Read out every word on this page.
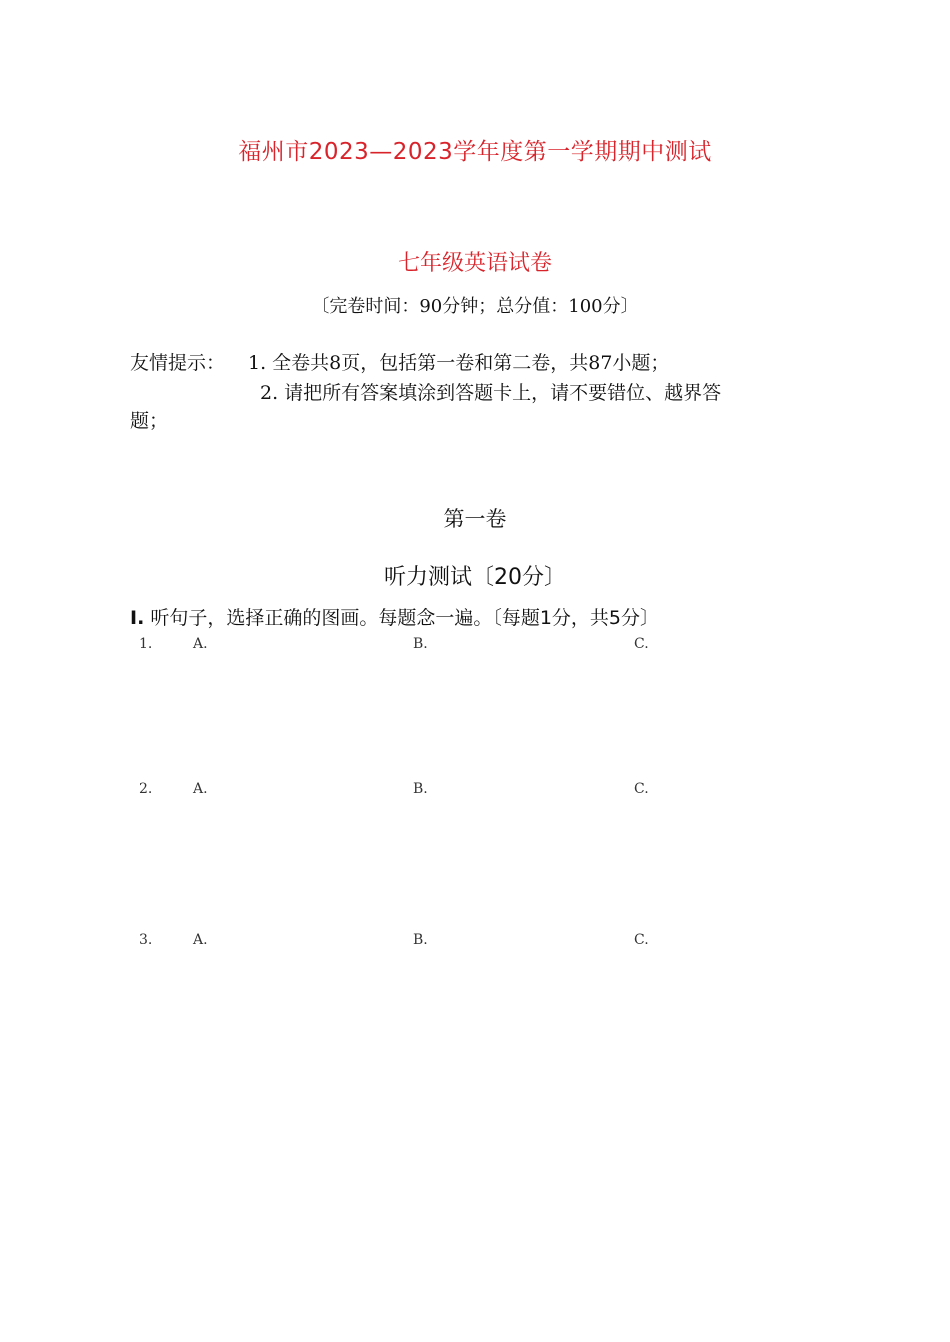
福州市2023—2023学年度第一学期期中测试
七年级英语试卷
〔完卷时间：90分钟；总分值：100分〕
友情提示： 1. 全卷共8页，包括第一卷和第二卷，共87小题；
2. 请把所有答案填涂到答题卡上，请不要错位、越界答
题；
第一卷
听力测试〔20分〕
I. 听句子，选择正确的图画。每题念一遍。〔每题1分，共5分〕
1.	A.	B.	C.
2.	A.	B.	C.
3.	A.	B.	C.
